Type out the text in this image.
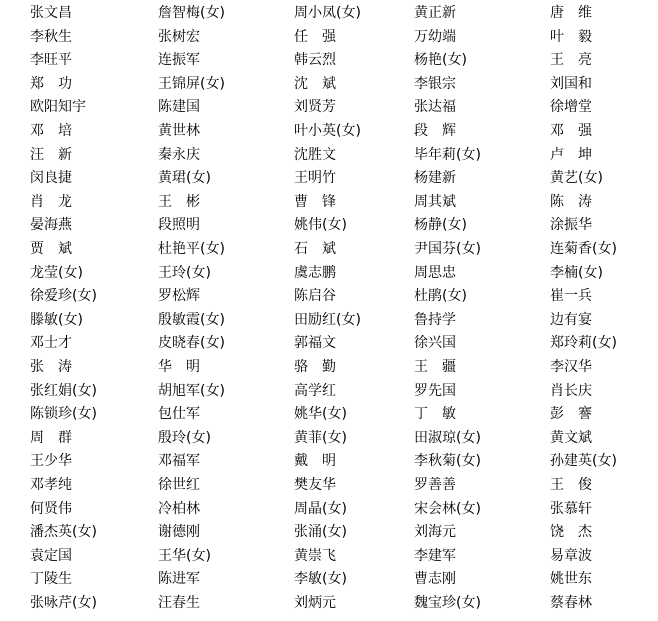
张文昌	詹智梅(女)	周小凤(女)	黄正新	唐　维
李秋生	张树宏	任　强	万幼端	叶　毅
李旺平	连振军	韩云烈	杨艳(女)	王　亮
郑　功	王锦屏(女)	沈　斌	李银宗	刘国和
欧阳知宇	陈建国	刘贤芳	张达福	徐增堂
邓　培	黄世林	叶小英(女)	段　辉	邓　强
汪　新	秦永庆	沈胜文	毕年莉(女)	卢　坤
闵良捷	黄珺(女)	王明竹	杨建新	黄艺(女)
肖　龙	王　彬	曹　锋	周其斌	陈　涛
晏海燕	段照明	姚伟(女)	杨静(女)	涂振华
贾　斌	杜艳平(女)	石　斌	尹国芬(女)	连菊香(女)
龙莹(女)	王玲(女)	虞志鹏	周思忠	李楠(女)
徐爱珍(女)	罗松辉	陈启谷	杜鹃(女)	崔一兵
滕敏(女)	殷敏霞(女)	田励红(女)	鲁持学	边有宴
邓士才	皮晓春(女)	郭福文	徐兴国	郑玲莉(女)
张　涛	华　明	骆　勤	王　疆	李汉华
张红娟(女)	胡旭军(女)	高学红	罗先国	肖长庆
陈锁珍(女)	包仕军	姚华(女)	丁　敏	彭　謇
周　群	殷玲(女)	黄菲(女)	田淑琼(女)	黄文斌
王少华	邓福军	戴　明	李秋菊(女)	孙建英(女)
邓孝纯	徐世红	樊友华	罗善善	王　俊
何贤伟	冷柏林	周晶(女)	宋会林(女)	张慕轩
潘杰英(女)	谢德刚	张涌(女)	刘海元	饶　杰
袁定国	王华(女)	黄崇飞	李建军	易章波
丁陵生	陈进军	李敏(女)	曹志刚	姚世东
张咏芹(女)	汪春生	刘炳元	魏宝珍(女)	蔡春林
